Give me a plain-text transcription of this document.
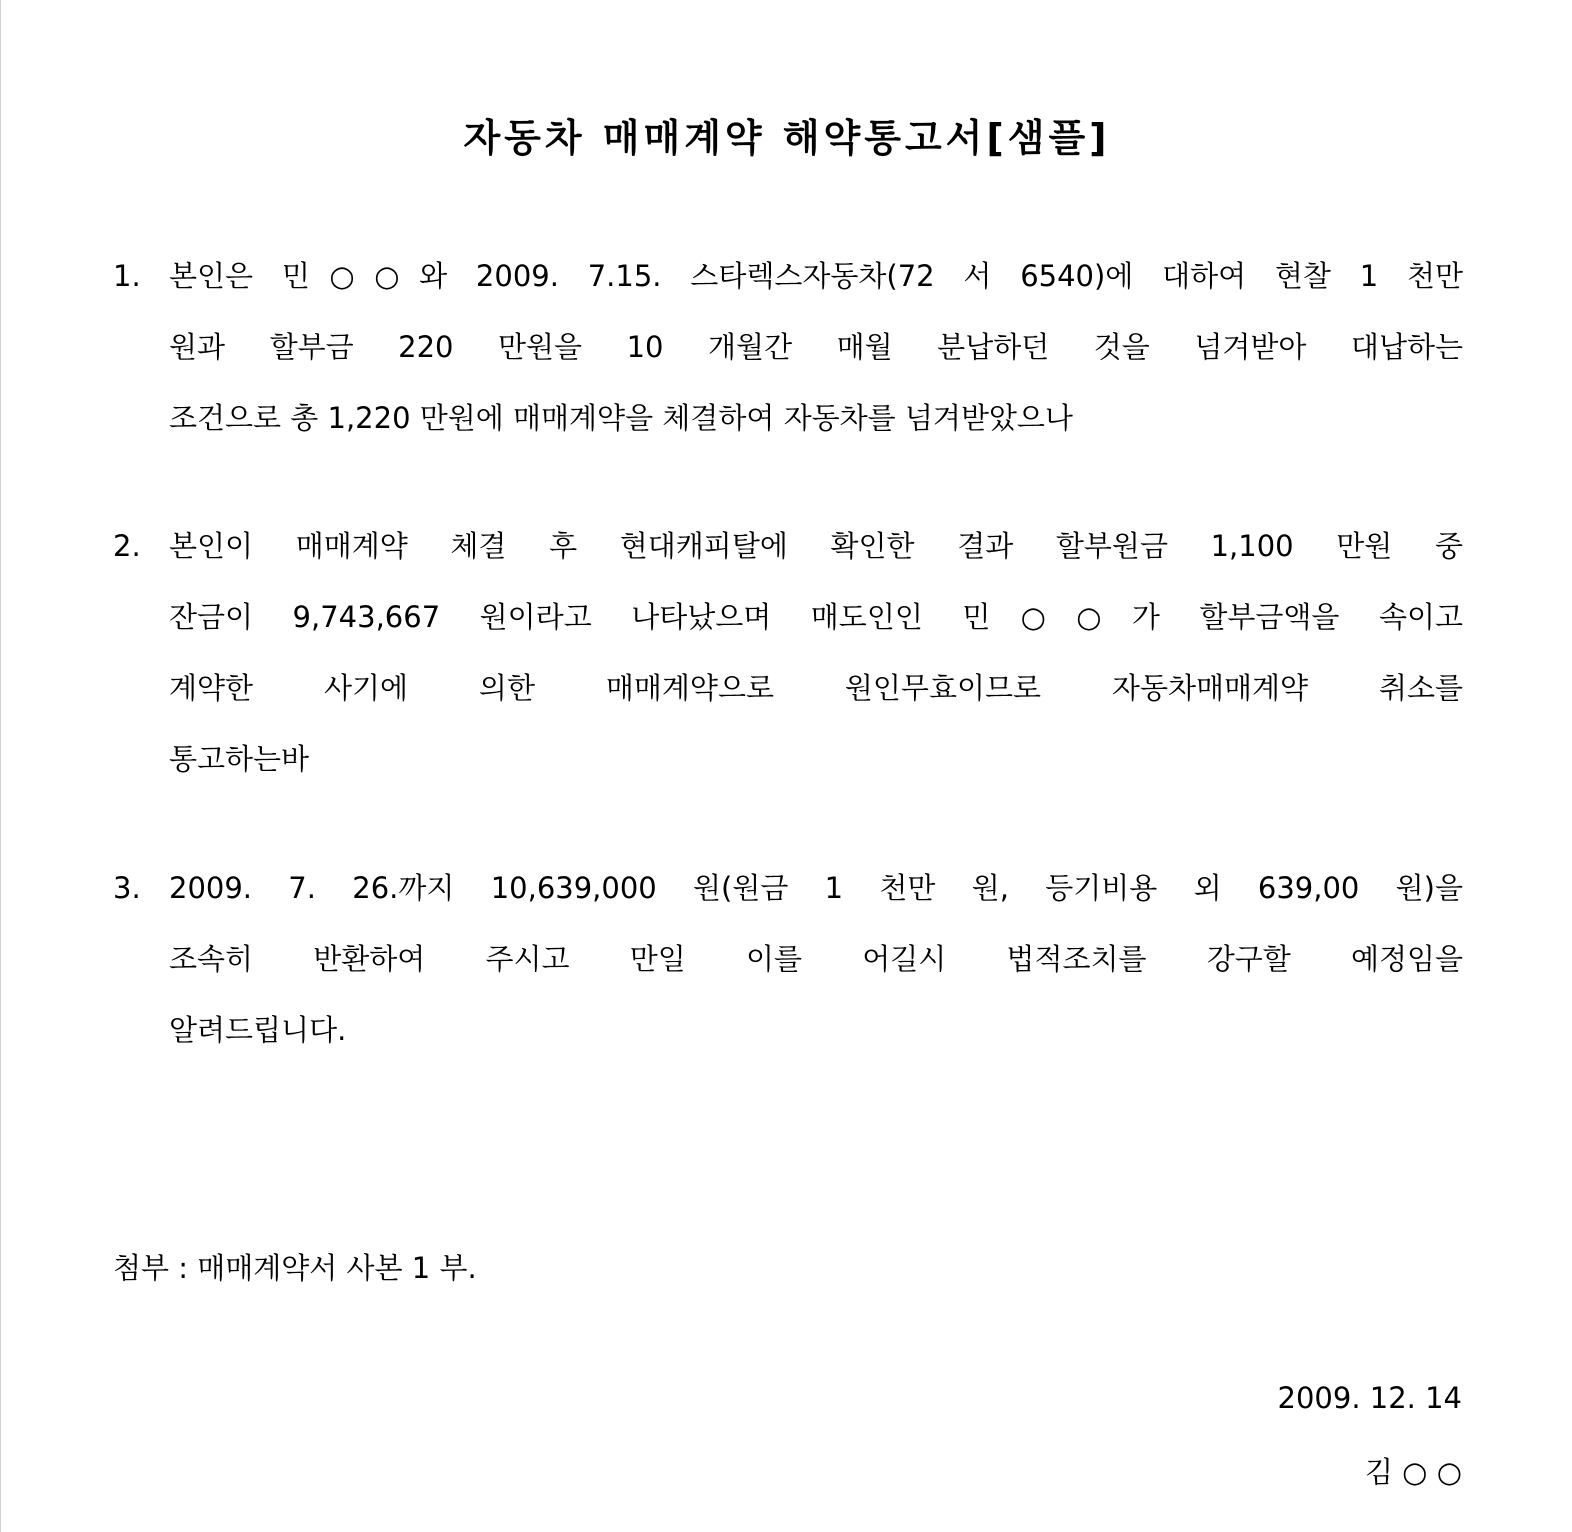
자동차 매매계약 해약통고서[샘플]
1. 본인은 민○○와 2009. 7.15. 스타렉스자동차(72 서 6540)에 대하여 현찰 1 천만
원과 할부금 220 만원을 10 개월간 매월 분납하던 것을 넘겨받아 대납하는
조건으로 총 1,220 만원에 매매계약을 체결하여 자동차를 넘겨받았으나
2. 본인이 매매계약 체결 후 현대캐피탈에 확인한 결과 할부원금 1,100 만원 중
잔금이 9,743,667 원이라고 나타났으며 매도인인 민○○가 할부금액을 속이고
계약한 사기에 의한 매매계약으로 원인무효이므로 자동차매매계약 취소를
통고하는바
3. 2009. 7. 26.까지 10,639,000 원(원금 1 천만 원, 등기비용 외 639,00 원)을
조속히 반환하여 주시고 만일 이를 어길시 법적조치를 강구할 예정임을
알려드립니다.
첨부 : 매매계약서 사본 1 부.
2009. 12. 14
김 ○ ○
